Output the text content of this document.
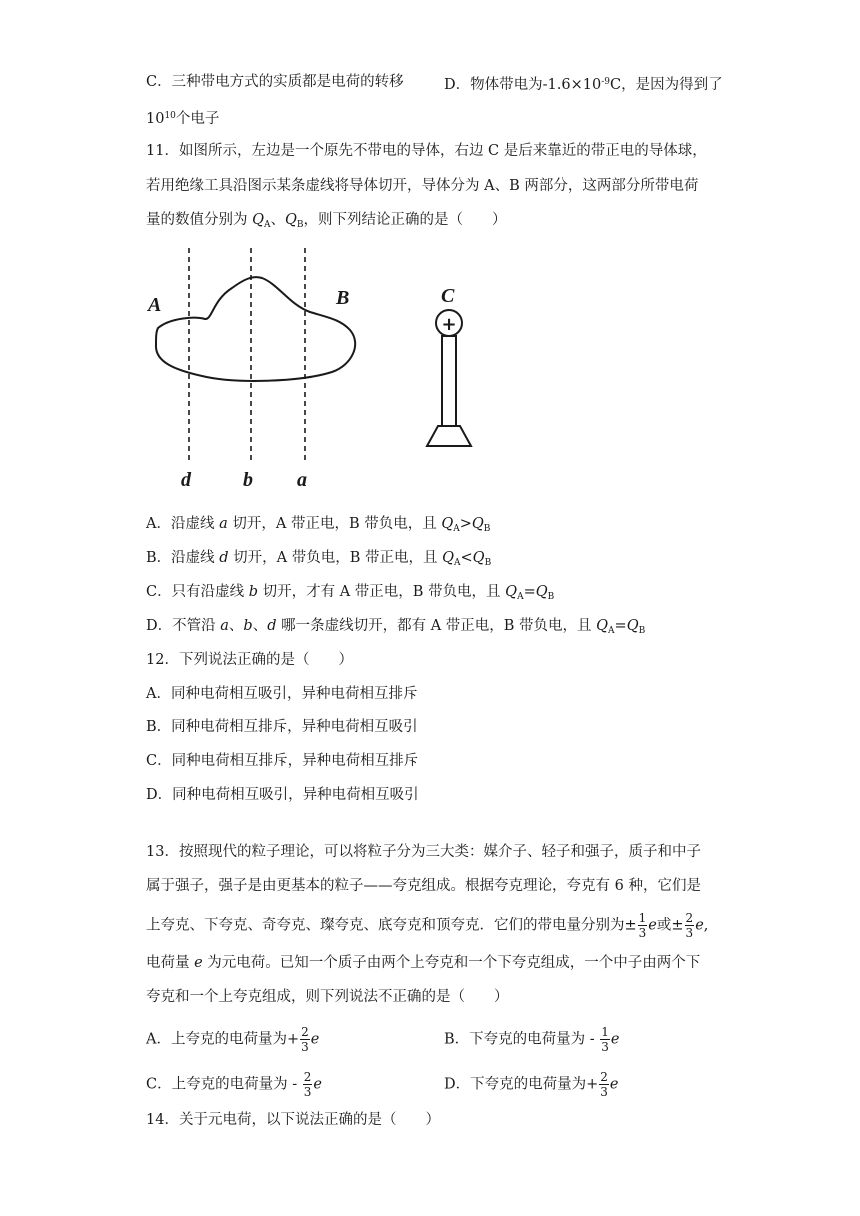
C．三种带电方式的实质都是电荷的转移	D．物体带电为$-1.6\times 10^{-9}C$，是因为得到了
$10^{10}$个电子
11．如图所示，左边是一个原先不带电的导体，右边 C 是后来靠近的带正电的导体球，
若用绝缘工具沿图示某条虚线将导体切开，导体分为 A、B 两部分，这两部分所带电荷
量的数值分别为 $Q_A$、$Q_B$，则下列结论正确的是（　　）
A	B
d	b a
C
+
A．沿虚线 a 切开，A 带正电，B 带负电，且 $Q_A>Q_B$
B．沿虚线 d 切开，A 带负电，B 带正电，且 $Q_A<Q_B$
C．只有沿虚线 b 切开，才有 A 带正电，B 带负电，且 $Q_A=Q_B$
D．不管沿 a、b、d 哪一条虚线切开，都有 A 带正电，B 带负电，且 $Q_A=Q_B$
12．下列说法正确的是（　　）
A．同种电荷相互吸引，异种电荷相互排斥
B．同种电荷相互排斥，异种电荷相互吸引
C．同种电荷相互排斥，异种电荷相互排斥
D．同种电荷相互吸引，异种电荷相互吸引
13．按照现代的粒子理论，可以将粒子分为三大类：媒介子、轻子和强子，质子和中子
属于强子，强子是由更基本的粒子——夸克组成。根据夸克理论，夸克有 6 种，它们是
上夸克、下夸克、奇夸克、璨夸克、底夸克和顶夸克．它们的带电量分别为± $\frac{1}{3}$ e或± $\frac{2}{3} e$,
电荷量 e 为元电荷。已知一个质子由两个上夸克和一个下夸克组成，一个中子由两个下
夸克和一个上夸克组成，则下列说法不正确的是（　　）
A．上夸克的电荷量为+ $\frac{2}{3}$ e	B．下夸克的电荷量为 - $\frac{1}{3}$ e
C．上夸克的电荷量为 - $\frac{2}{3}$ e	D．下夸克的电荷量为+ $\frac{2}{3}$ e
14．关于元电荷，以下说法正确的是（　　）
